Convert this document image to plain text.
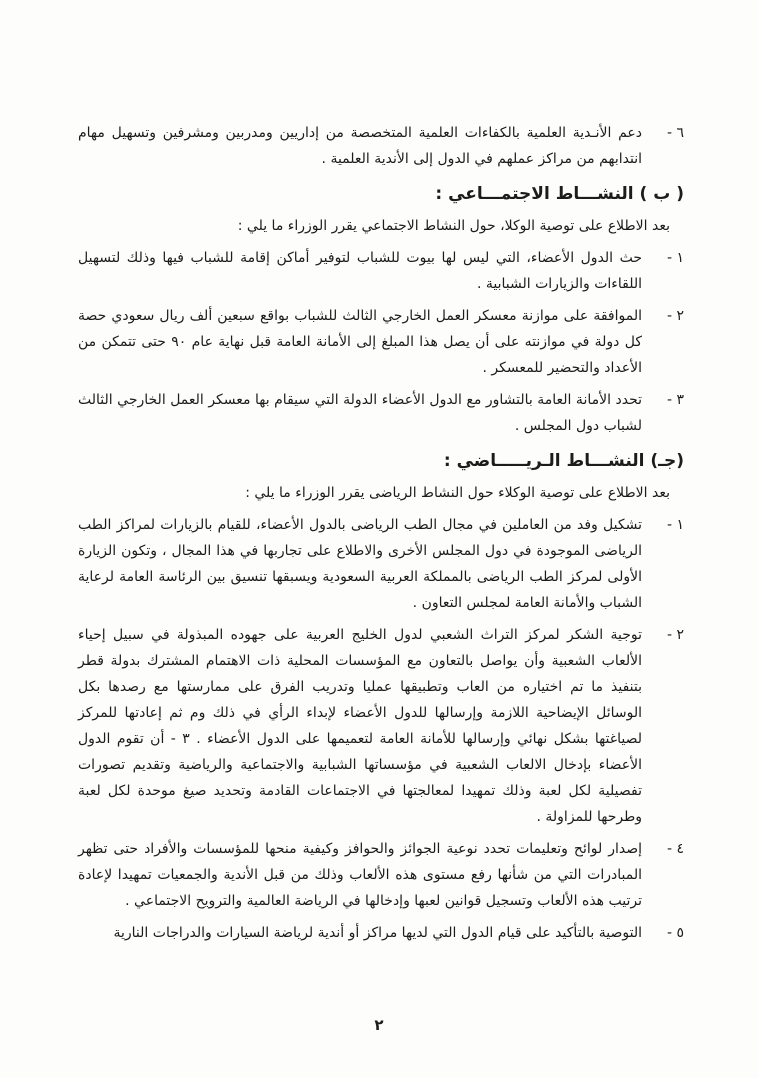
٦ -
دعم الأنـدية العلمية بالكفاءات العلمية المتخصصة من إداريين ومدربين ومشرفين وتسهيل مهام انتدابهم من مراكز عملهم في الدول إلى الأندية العلمية .
( ب ) النشـــاط الاجتمـــاعي :
بعد الاطلاع على توصية الوكلا، حول النشاط الاجتماعي يقرر الوزراء ما يلي :
١ -
حث الدول الأعضاء، التي ليس لها بيوت للشباب لتوفير أماكن إقامة للشباب فيها وذلك لتسهيل اللقاءات والزيارات الشبابية .
٢ -
الموافقة على موازنة معسكر العمل الخارجي الثالث للشباب بواقع سبعين ألف ريال سعودي حصة كل دولة في موازنته على أن يصل هذا المبلغ إلى الأمانة العامة قبل نهاية عام ٩٠ حتى تتمكن من الأعداد والتحضير للمعسكر .
٣ -
تحدد الأمانة العامة بالتشاور مع الدول الأعضاء الدولة التي سيقام بها معسكر العمل الخارجي الثالث لشباب دول المجلس .
(جـ) النشـــاط الـريـــــاضي :
بعد الاطلاع على توصية الوكلاء حول النشاط الرياضى يقرر الوزراء ما يلي :
١ -
تشكيل وفد من العاملين في مجال الطب الرياضى بالدول الأعضاء، للقيام بالزيارات لمراكز الطب الرياضى الموجودة في دول المجلس الأخرى والاطلاع على تجاربها في هذا المجال ، وتكون الزيارة الأولى لمركز الطب الرياضى بالمملكة العربية السعودية ويسبقها تنسيق بين الرئاسة العامة لرعاية الشباب والأمانة العامة لمجلس التعاون .
٢ -
توجية الشكر لمركز التراث الشعبي لدول الخليج العربية على جهوده المبذولة في سبيل إحياء الألعاب الشعبية وأن يواصل بالتعاون مع المؤسسات المحلية ذات الاهتمام المشترك بدولة قطر بتنفيذ ما تم اختياره من العاب وتطبيقها عمليا وتدريب الفرق على ممارستها مع رصدها بكل الوسائل الإيضاحية اللازمة وإرسالها للدول الأعضاء لإبداء الرأي في ذلك وم ثم إعادتها للمركز لصياغتها بشكل نهائي وإرسالها للأمانة العامة لتعميمها على الدول الأعضاء . ٣ - أن تقوم الدول الأعضاء بإدخال الالعاب الشعبية في مؤسساتها الشبابية والاجتماعية والرياضية وتقديم تصورات تفصيلية لكل لعبة وذلك تمهيدا لمعالجتها في الاجتماعات القادمة وتحديد صيغ موحدة لكل لعبة وطرحها للمزاولة .
٤ -
إصدار لوائح وتعليمات تحدد نوعية الجوائز والحوافز وكيفية منحها للمؤسسات والأفراد حتى تظهر المبادرات التي من شأنها رفع مستوى هذه الألعاب وذلك من قبل الأندية والجمعيات تمهيدا لإعادة ترتيب هذه الألعاب وتسجيل قوانين لعبها وإدخالها في الرياضة العالمية والترويح الاجتماعي .
٥ -
التوصية بالتأكيد على قيام الدول التي لديها مراكز أو أندية لرياضة السيارات والدراجات النارية
٢
